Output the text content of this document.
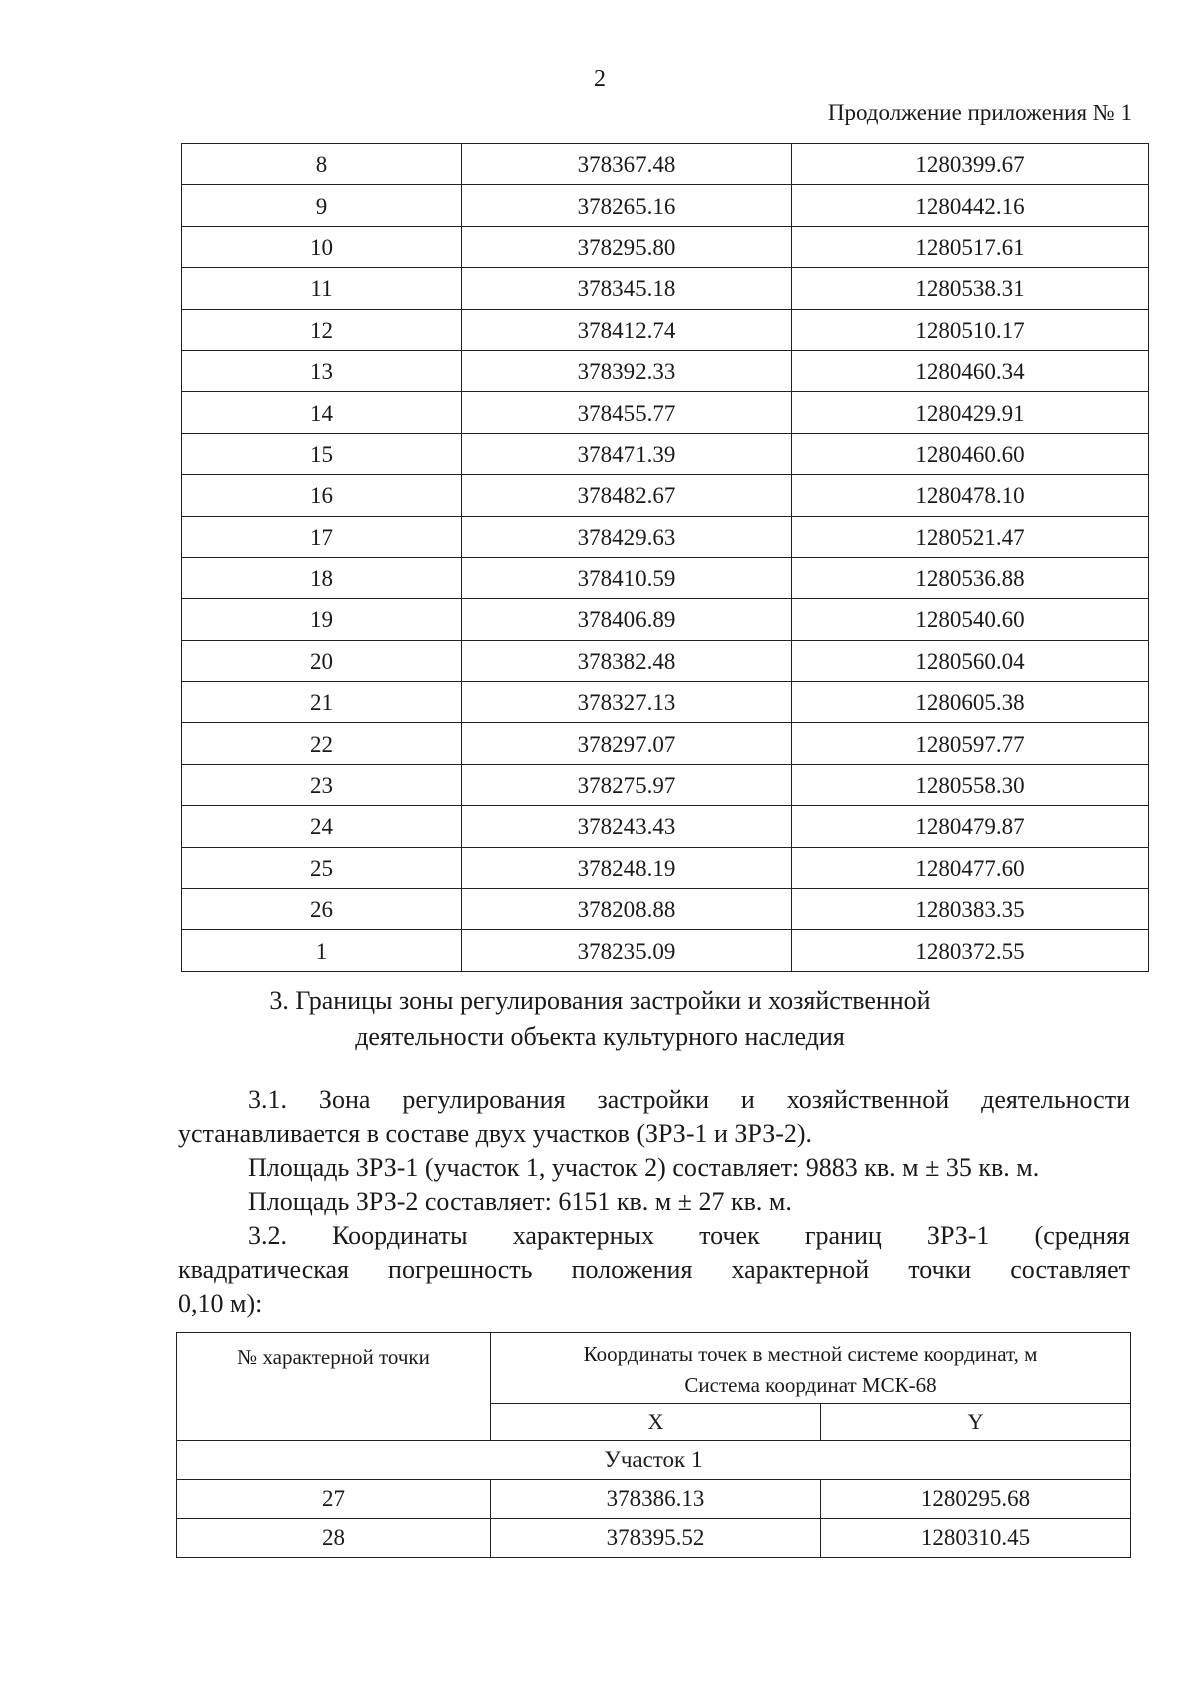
2
Продолжение приложения № 1
8	378367.48	1280399.67
9	378265.16	1280442.16
10	378295.80	1280517.61
11	378345.18	1280538.31
12	378412.74	1280510.17
13	378392.33	1280460.34
14	378455.77	1280429.91
15	378471.39	1280460.60
16	378482.67	1280478.10
17	378429.63	1280521.47
18	378410.59	1280536.88
19	378406.89	1280540.60
20	378382.48	1280560.04
21	378327.13	1280605.38
22	378297.07	1280597.77
23	378275.97	1280558.30
24	378243.43	1280479.87
25	378248.19	1280477.60
26	378208.88	1280383.35
1	378235.09	1280372.55
3. Границы зоны регулирования застройки и хозяйственной
деятельности объекта культурного наследия
3.1. Зона регулирования застройки и хозяйственной деятельности
устанавливается в составе двух участков (ЗРЗ-1 и ЗРЗ-2).
Площадь ЗРЗ-1 (участок 1, участок 2) составляет: 9883 кв. м ± 35 кв. м.
Площадь ЗРЗ-2 составляет: 6151 кв. м ± 27 кв. м.
3.2. Координаты характерных точек границ ЗРЗ-1 (средняя
квадратическая погрешность положения характерной точки составляет
0,10 м):
№ характерной точки	Координаты точек в местной системе координат, м
Система координат МСК-68	

	X	Y
Участок 1		
27	378386.13	1280295.68
28	378395.52	1280310.45
